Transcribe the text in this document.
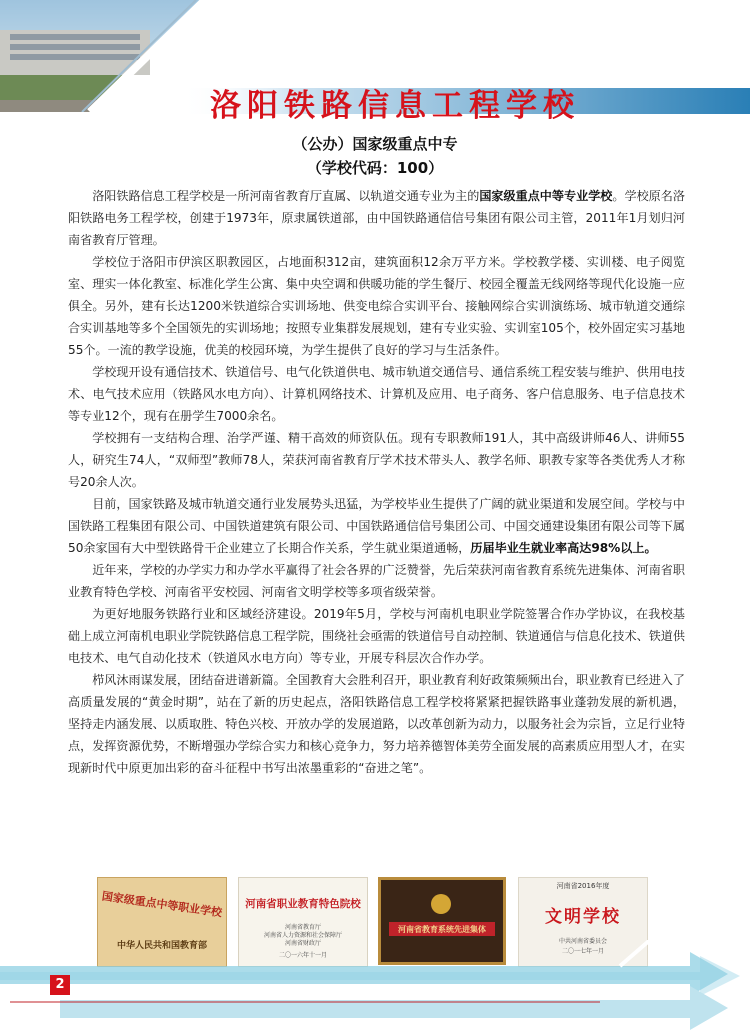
洛阳铁路信息工程学校
（公办）国家级重点中专
（学校代码：100）

洛阳铁路信息工程学校是一所河南省教育厅直属、以轨道交通专业为主的国家级重点中等专业学校。学校原名洛阳铁路电务工程学校，创建于1973年，原隶属铁道部，由中国铁路通信信号集团有限公司主管，2011年1月划归河南省教育厅管理。

学校位于洛阳市伊滨区职教园区，占地面积312亩，建筑面积12余万平方米。学校教学楼、实训楼、电子阅览室、理实一体化教室、标准化学生公寓、集中央空调和供暖功能的学生餐厅、校园全覆盖无线网络等现代化设施一应俱全。另外，建有长达1200米铁道综合实训场地、供变电综合实训平台、接触网综合实训演练场、城市轨道交通综合实训基地等多个全国领先的实训场地；按照专业集群发展规划，建有专业实验、实训室105个，校外固定实习基地55个。一流的教学设施，优美的校园环境，为学生提供了良好的学习与生活条件。

学校现开设有通信技术、铁道信号、电气化铁道供电、城市轨道交通信号、通信系统工程安装与维护、供用电技术、电气技术应用（铁路风水电方向）、计算机网络技术、计算机及应用、电子商务、客户信息服务、电子信息技术等专业12个，现有在册学生7000余名。

学校拥有一支结构合理、治学严谨、精干高效的师资队伍。现有专职教师191人，其中高级讲师46人、讲师55人，研究生74人，“双师型”教师78人，荣获河南省教育厅学术技术带头人、教学名师、职教专家等各类优秀人才称号20余人次。

目前，国家铁路及城市轨道交通行业发展势头迅猛，为学校毕业生提供了广阔的就业渠道和发展空间。学校与中国铁路工程集团有限公司、中国铁道建筑有限公司、中国铁路通信信号集团公司、中国交通建设集团有限公司等下属50余家国有大中型铁路骨干企业建立了长期合作关系，学生就业渠道通畅，历届毕业生就业率高达98%以上。

近年来，学校的办学实力和办学水平赢得了社会各界的广泛赞誉，先后荣获河南省教育系统先进集体、河南省职业教育特色学校、河南省平安校园、河南省文明学校等多项省级荣誉。

为更好地服务铁路行业和区域经济建设。2019年5月，学校与河南机电职业学院签署合作办学协议，在我校基础上成立河南机电职业学院铁路信息工程学院，围绕社会亟需的铁道信号自动控制、铁道通信与信息化技术、铁道供电技术、电气自动化技术（铁道风水电方向）等专业，开展专科层次合作办学。

栉风沐雨谋发展，团结奋进谱新篇。全国教育大会胜利召开，职业教育利好政策频频出台，职业教育已经进入了高质量发展的“黄金时期”，站在了新的历史起点，洛阳铁路信息工程学校将紧紧把握铁路事业蓬勃发展的新机遇，坚持走内涵发展、以质取胜、特色兴校、开放办学的发展道路，以改革创新为动力，以服务社会为宗旨，立足行业特点，发挥资源优势，不断增强办学综合实力和核心竞争力，努力培养德智体美劳全面发展的高素质应用型人才，在实现新时代中原更加出彩的奋斗征程中书写出浓墨重彩的“奋进之笔”。

国家级重点中等职业学校
中华人民共和国教育部
河南省职业教育特色院校
河南省教育厅
河南省人力资源和社会保障厅
河南省财政厅
二〇一六年十一月
河南省教育系统先进集体
河南省2016年度
文明学校
中共河南省委员会
二〇一七年一月
2
